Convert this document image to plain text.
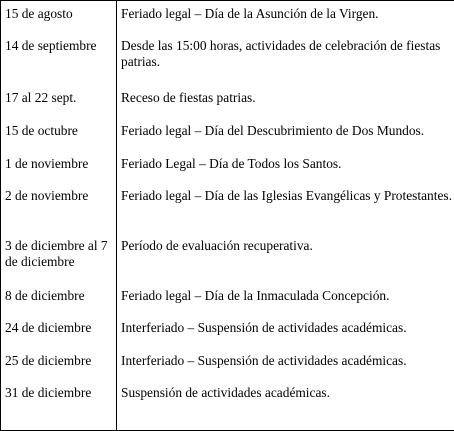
15 de agosto	Feriado legal – Día de la Asunción de la Virgen.
14 de septiembre	Desde las 15:00 horas, actividades de celebración de fiestas patrias.
17 al 22 sept.	Receso de fiestas patrias.
15 de octubre	Feriado legal – Día del Descubrimiento de Dos Mundos.
1 de noviembre	Feriado Legal – Día de Todos los Santos.
2 de noviembre	Feriado legal – Día de las Iglesias Evangélicas y Protestantes.
3 de diciembre al 7 de diciembre	Período de evaluación recuperativa.
8 de diciembre	Feriado legal – Día de la Inmaculada Concepción.
24 de diciembre	Interferiado – Suspensión de actividades académicas.
25 de diciembre	Interferiado – Suspensión de actividades académicas.
31 de diciembre	Suspensión de actividades académicas.
